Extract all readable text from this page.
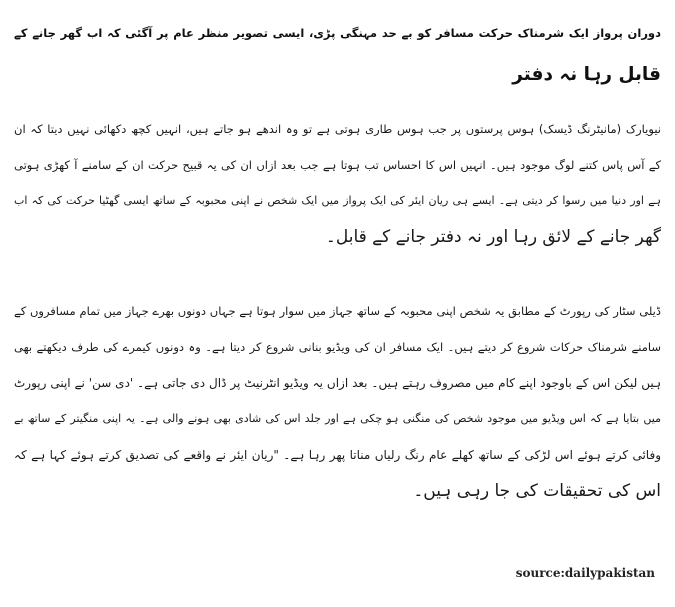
دوران پرواز ایک شرمناک حرکت مسافر کو بے حد مہنگی پڑی، ایسی تصویر منظر عام پر آگئی کہ اب گھر جانے کے
قابل رہا نہ دفتر
نیویارک (مانیٹرنگ ڈیسک) ہوس پرستوں پر جب ہوس طاری ہوتی ہے تو وہ اندھے ہو جاتے ہیں، انہیں کچھ دکھائی نہیں دیتا کہ ان
کے آس پاس کتنے لوگ موجود ہیں۔ انہیں اس کا احساس تب ہوتا ہے جب بعد ازاں ان کی یہ قبیح حرکت ان کے سامنے آ کھڑی ہوتی
ہے اور دنیا میں رسوا کر دیتی ہے۔ ایسے ہی ریان ایئر کی ایک پرواز میں ایک شخص نے اپنی محبوبہ کے ساتھ ایسی گھٹیا حرکت کی کہ اب
گھر جانے کے لائق رہا اور نہ دفتر جانے کے قابل۔
ڈیلی سٹار کی رپورٹ کے مطابق یہ شخص اپنی محبوبہ کے ساتھ جہاز میں سوار ہوتا ہے جہاں دونوں بھرے جہاز میں تمام مسافروں کے
سامنے شرمناک حرکات شروع کر دیتے ہیں۔ ایک مسافر ان کی ویڈیو بنانی شروع کر دیتا ہے۔ وہ دونوں کیمرے کی طرف دیکھتے بھی
ہیں لیکن اس کے باوجود اپنے کام میں مصروف رہتے ہیں۔ بعد ازاں یہ ویڈیو انٹرنیٹ پر ڈال دی جاتی ہے۔ 'دی سن' نے اپنی رپورٹ
میں بتایا ہے کہ اس ویڈیو میں موجود شخص کی منگنی ہو چکی ہے اور جلد اس کی شادی بھی ہونے والی ہے۔ یہ اپنی منگیتر کے ساتھ بے
وفائی کرتے ہوئے اس لڑکی کے ساتھ کھلے عام رنگ رلیاں مناتا پھر رہا ہے۔ "ریان ایئر نے واقعے کی تصدیق کرتے ہوئے کہا ہے کہ
اس کی تحقیقات کی جا رہی ہیں۔
source:dailypakistan
